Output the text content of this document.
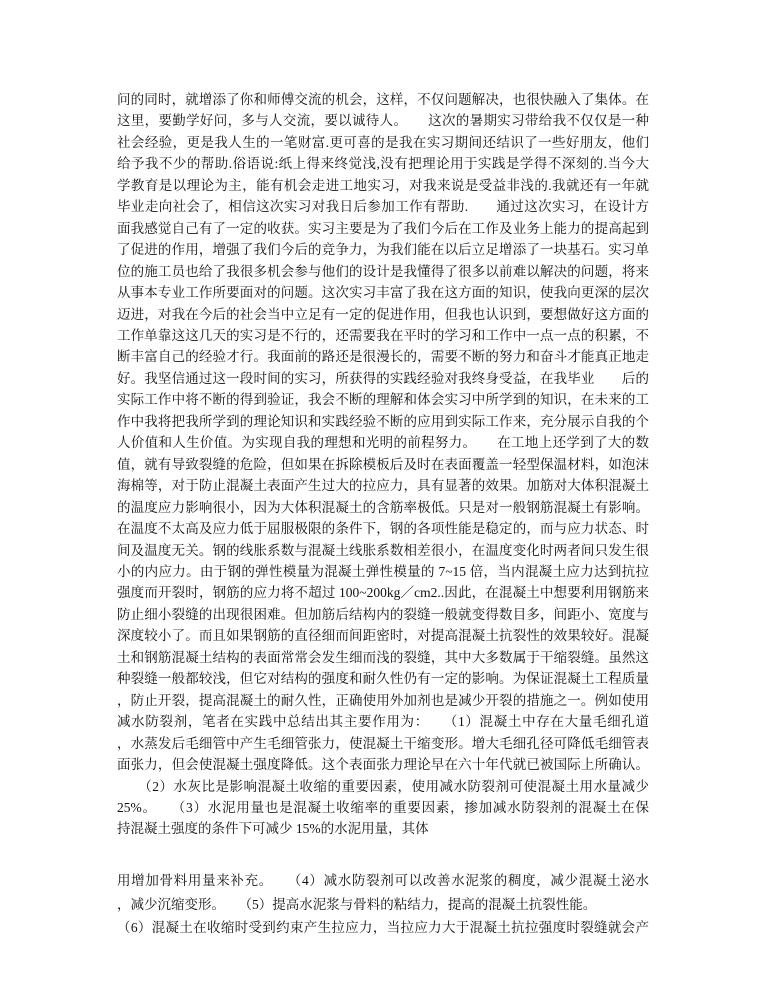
问的同时，就增添了你和师傅交流的机会，这样，不仅问题解决，也很快融入了集体。在
这里，要勤学好问，多与人交流，要以诚待人。　　这次的暑期实习带给我不仅仅是一种
社会经验，更是我人生的一笔财富.更可喜的是我在实习期间还结识了一些好朋友，他们
给予我不少的帮助.俗语说:纸上得来终觉浅,没有把理论用于实践是学得不深刻的.当今大
学教育是以理论为主，能有机会走进工地实习，对我来说是受益非浅的.我就还有一年就
毕业走向社会了，相信这次实习对我日后参加工作有帮助.　　通过这次实习，在设计方
面我感觉自己有了一定的收获。实习主要是为了我们今后在工作及业务上能力的提高起到
了促进的作用，增强了我们今后的竞争力，为我们能在以后立足增添了一块基石。实习单
位的施工员也给了我很多机会参与他们的设计是我懂得了很多以前难以解决的问题，将来
从事本专业工作所要面对的问题。这次实习丰富了我在这方面的知识，使我向更深的层次
迈进，对我在今后的社会当中立足有一定的促进作用，但我也认识到，要想做好这方面的
工作单靠这这几天的实习是不行的，还需要我在平时的学习和工作中一点一点的积累，不
断丰富自己的经验才行。我面前的路还是很漫长的，需要不断的努力和奋斗才能真正地走
好。我坚信通过这一段时间的实习，所获得的实践经验对我终身受益，在我毕业　　后的
实际工作中将不断的得到验证，我会不断的理解和体会实习中所学到的知识，在未来的工
作中我将把我所学到的理论知识和实践经验不断的应用到实际工作来，充分展示自我的个
人价值和人生价值。为实现自我的理想和光明的前程努力。　　在工地上还学到了大的数
值，就有导致裂缝的危险，但如果在拆除模板后及时在表面覆盖一轻型保温材料，如泡沫
海棉等，对于防止混凝土表面产生过大的拉应力，具有显著的效果。加筋对大体积混凝土
的温度应力影响很小，因为大体积混凝土的含筋率极低。只是对一般钢筋混凝土有影响。
在温度不太高及应力低于屈服极限的条件下，钢的各项性能是稳定的，而与应力状态、时
间及温度无关。钢的线胀系数与混凝土线胀系数相差很小，在温度变化时两者间只发生很
小的内应力。由于钢的弹性模量为混凝土弹性模量的 7~15 倍，当内混凝土应力达到抗拉
强度而开裂时，钢筋的应力将不超过 100~200kg／cm2..因此，在混凝土中想要利用钢筋来
防止细小裂缝的出现很困难。但加筋后结构内的裂缝一般就变得数目多，间距小、宽度与
深度较小了。而且如果钢筋的直径细而间距密时，对提高混凝土抗裂性的效果较好。混凝
土和钢筋混凝土结构的表面常常会发生细而浅的裂缝，其中大多数属于干缩裂缝。虽然这
种裂缝一般都较浅，但它对结构的强度和耐久性仍有一定的影响。为保证混凝土工程质量
，防止开裂，提高混凝土的耐久性，正确使用外加剂也是减少开裂的措施之一。例如使用
减水防裂剂，笔者在实践中总结出其主要作用为：　　（1）混凝土中存在大量毛细孔道
，水蒸发后毛细管中产生毛细管张力，使混凝土干缩变形。增大毛细孔径可降低毛细管表
面张力，但会使混凝土强度降低。这个表面张力理论早在六十年代就已被国际上所确认。
　　（2）水灰比是影响混凝土收缩的重要因素，使用减水防裂剂可使混凝土用水量减少
25%。　　（3）水泥用量也是混凝土收缩率的重要因素，掺加减水防裂剂的混凝土在保
持混凝土强度的条件下可减少 15%的水泥用量，其体
用增加骨料用量来补充。　　（4）减水防裂剂可以改善水泥浆的稠度，减少混凝土泌水
，减少沉缩变形。　　（5）提高水泥浆与骨料的粘结力，提高的混凝土抗裂性能。
（6）混凝土在收缩时受到约束产生拉应力，当拉应力大于混凝土抗拉强度时裂缝就会产
